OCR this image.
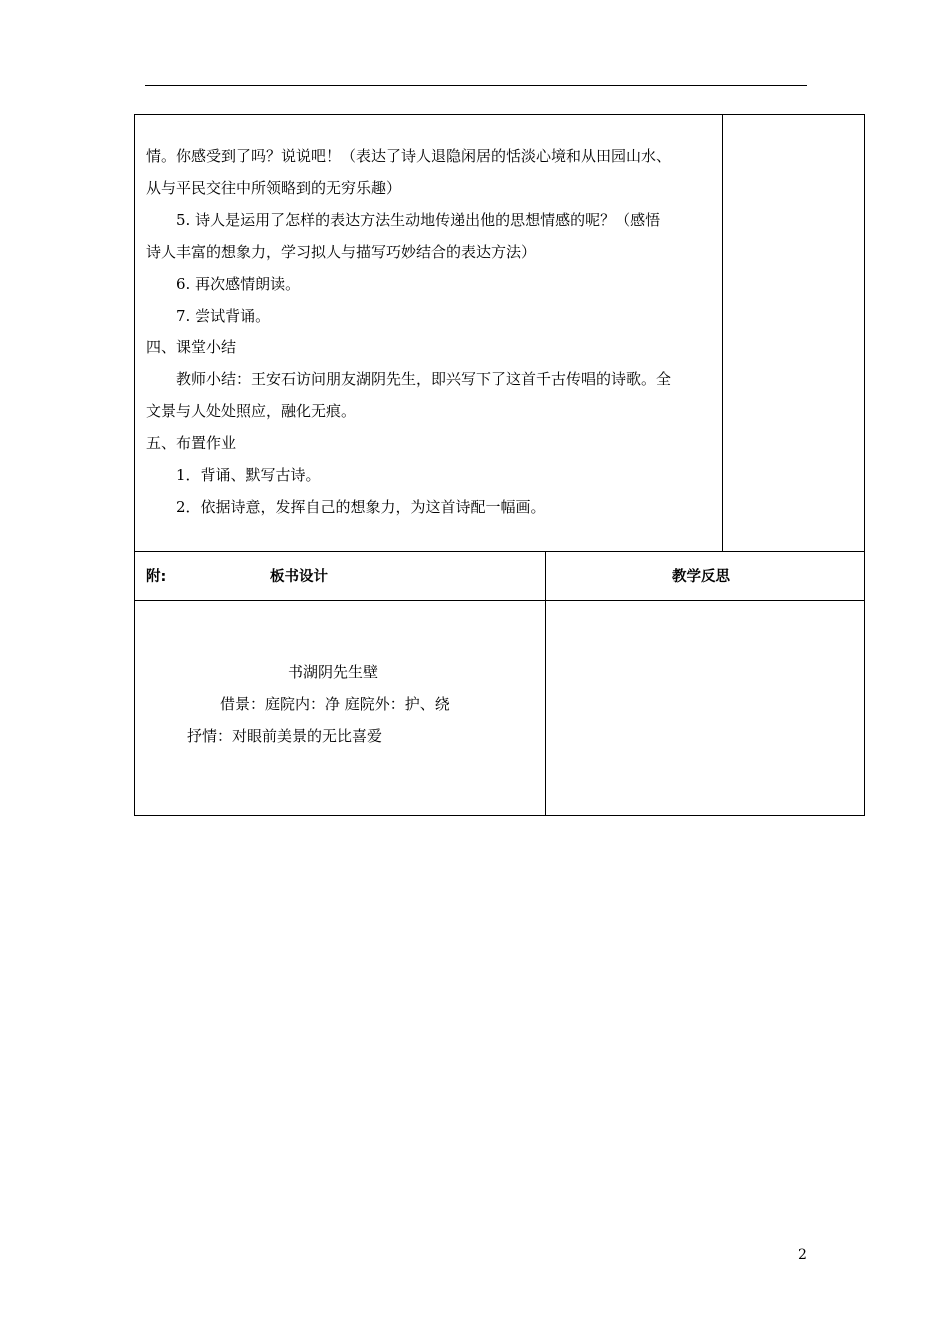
情。你感受到了吗？说说吧！（表达了诗人退隐闲居的恬淡心境和从田园山水、
从与平民交往中所领略到的无穷乐趣）
5. 诗人是运用了怎样的表达方法生动地传递出他的思想情感的呢？（感悟
诗人丰富的想象力，学习拟人与描写巧妙结合的表达方法）
6. 再次感情朗读。
7. 尝试背诵。
四、课堂小结
教师小结：王安石访问朋友湖阴先生，即兴写下了这首千古传唱的诗歌。全
文景与人处处照应，融化无痕。
五、布置作业
1．背诵、默写古诗。
2．依据诗意，发挥自己的想象力，为这首诗配一幅画。
附:	板书设计	教学反思
书湖阴先生壁
借景：庭院内：净 庭院外：护、绕
抒情：对眼前美景的无比喜爱
2
